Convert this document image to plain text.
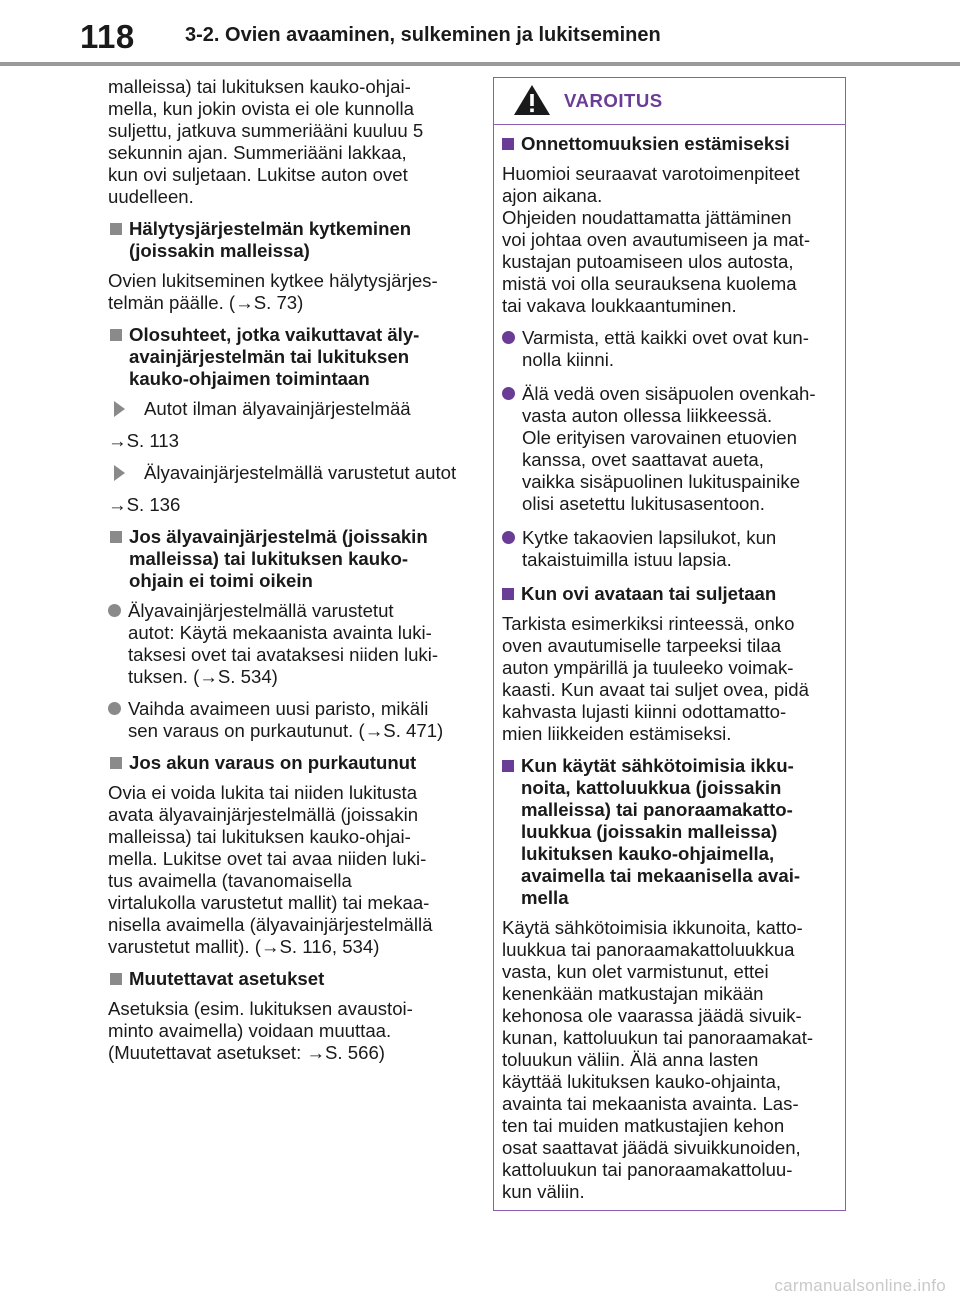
118	3-2. Ovien avaaminen, sulkeminen ja lukitseminen

malleissa) tai lukituksen kauko-ohjai-
mella, kun jokin ovista ei ole kunnolla
suljettu, jatkuva summeriääni kuuluu 5
sekunnin ajan. Summeriääni lakkaa,
kun ovi suljetaan. Lukitse auton ovet
uudelleen.

Hälytysjärjestelmän kytkeminen
(joissakin malleissa)

Ovien lukitseminen kytkee hälytysjärjes-
telmän päälle. (→S. 73)

Olosuhteet, jotka vaikuttavat äly-
avainjärjestelmän tai lukituksen
kauko-ohjaimen toimintaan
Autot ilman älyavainjärjestelmää

→S. 113

Älyavainjärjestelmällä varustetut autot

→S. 136

Jos älyavainjärjestelmä (joissakin
malleissa) tai lukituksen kauko-
ohjain ei toimi oikein
Älyavainjärjestelmällä varustetut
autot: Käytä mekaanista avainta luki-
taksesi ovet tai avataksesi niiden luki-
tuksen. (→S. 534)
Vaihda avaimeen uusi paristo, mikäli
sen varaus on purkautunut. (→S. 471)
Jos akun varaus on purkautunut

Ovia ei voida lukita tai niiden lukitusta
avata älyavainjärjestelmällä (joissakin
malleissa) tai lukituksen kauko-ohjai-
mella. Lukitse ovet tai avaa niiden luki-
tus avaimella (tavanomaisella
virtalukolla varustetut mallit) tai mekaa-
nisella avaimella (älyavainjärjestelmällä
varustetut mallit). (→S. 116, 534)

Muutettavat asetukset

Asetuksia (esim. lukituksen avaustoi-
minto avaimella) voidaan muuttaa.
(Muutettavat asetukset: →S. 566)

VAROITUS
Onnettomuuksien estämiseksi

Huomioi seuraavat varotoimenpiteet
ajon aikana.
Ohjeiden noudattamatta jättäminen
voi johtaa oven avautumiseen ja mat-
kustajan putoamiseen ulos autosta,
mistä voi olla seurauksena kuolema
tai vakava loukkaantuminen.

Varmista, että kaikki ovet ovat kun-
nolla kiinni.
Älä vedä oven sisäpuolen ovenkah-
vasta auton ollessa liikkeessä.
Ole erityisen varovainen etuovien
kanssa, ovet saattavat aueta,
vaikka sisäpuolinen lukituspainike
olisi asetettu lukitusasentoon.
Kytke takaovien lapsilukot, kun
takaistuimilla istuu lapsia.
Kun ovi avataan tai suljetaan

Tarkista esimerkiksi rinteessä, onko
oven avautumiselle tarpeeksi tilaa
auton ympärillä ja tuuleeko voimak-
kaasti. Kun avaat tai suljet ovea, pidä
kahvasta lujasti kiinni odottamatto-
mien liikkeiden estämiseksi.

Kun käytät sähkötoimisia ikku-
noita, kattoluukkua (joissakin
malleissa) tai panoraamakatto-
luukkua (joissakin malleissa)
lukituksen kauko-ohjaimella,
avaimella tai mekaanisella avai-
mella

Käytä sähkötoimisia ikkunoita, katto-
luukkua tai panoraamakattoluukkua
vasta, kun olet varmistunut, ettei
kenenkään matkustajan mikään
kehonosa ole vaarassa jäädä sivuik-
kunan, kattoluukun tai panoraamakat-
toluukun väliin. Älä anna lasten
käyttää lukituksen kauko-ohjainta,
avainta tai mekaanista avainta. Las-
ten tai muiden matkustajien kehon
osat saattavat jäädä sivuikkunoiden,
kattoluukun tai panoraamakattoluu-
kun väliin.

carmanualsonline.info
